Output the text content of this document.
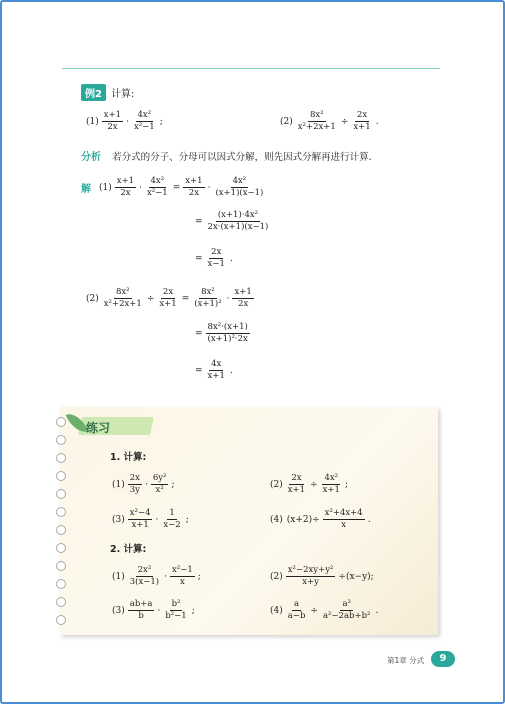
例2 计算:
$(1) \frac{x+1}{2x} \cdot \frac{\text{4x²}}{\text{x²−1}}$ ;	$(2) \frac{\text{8x²}}{\text{x²+2x+1}} \div \frac{2x}{x+1}$ .
分析 若分式的分子、分母可以因式分解，则先因式分解再进行计算.
解 $(1) \frac{x+1}{2x} \cdot \frac{\text{4x²}}{\text{x²−1}} = \frac{x+1}{2x} \cdot \frac{\text{4x²}}{(x+1)(x-1)}$
= $\frac{\text{(x+1)·4x²}}{2x\cdot(x+1)(x-1)}$
= $\frac{2x}{x-1}$ .
$(2) \frac{\text{8x²}}{\text{x²+2x+1}} \div \frac{2x}{x+1} = \frac{\text{8x²}}{\text{(x+1)²}} \cdot \frac{x+1}{2x}$
= $\frac{\text{8x²·(x+1)}}{\text{(x+1)²·2x}}$
= $\frac{4x}{x+1}$ .
练习
1. 计算:
$(1) \frac{2x}{3y} \cdot \frac{\text{6y²}}{\text{x²}}$ ;	$(2) \frac{2x}{x+1} \div \frac{\text{4x²}}{x+1}$ ;
$(3) \frac{\text{x²−4}}{x+1} \cdot \frac{1}{x-2}$ ;	(4) $(x+2)\div \frac{\text{x²+4x+4}}{x}$ .
2. 计算:
$(1) \frac{\text{2x²}}{3(x-1)} \cdot \frac{\text{x²−1}}{x}$ ;	$(2) \frac{\text{x²−2xy+y²}}{x+y} \div(x-y)$;
$(3) \frac{ab+a}{b} \cdot \frac{\text{b²}}{\text{b²−1}}$ ;	$(4) \frac{a}{a-b} \div \frac{\text{a²}}{\text{a²−2ab+b²}}$ .
第1章 分式	9
